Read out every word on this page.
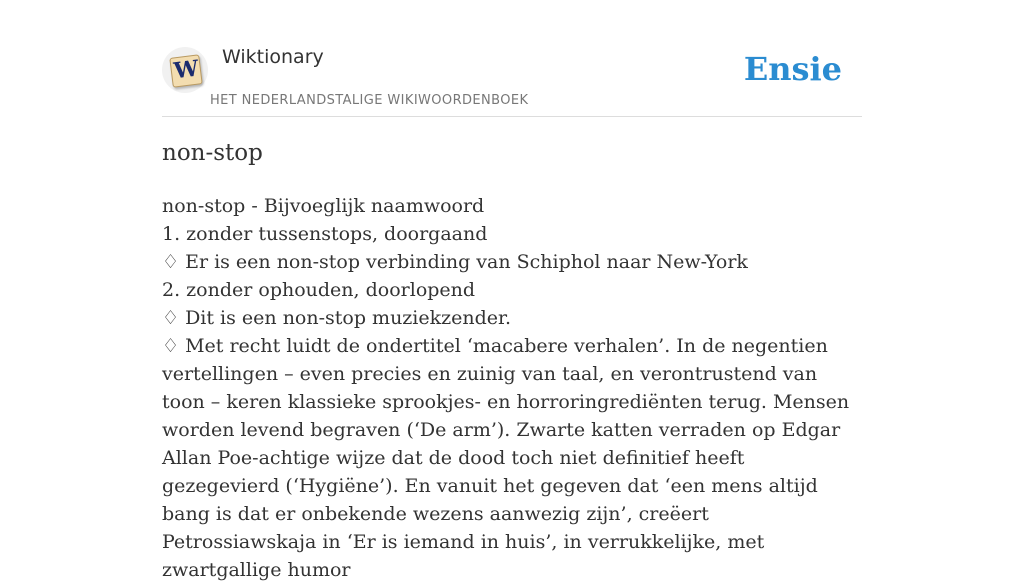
W Wiktionary
HET NEDERLANDSTALIGE WIKIWOORDENBOEK
Ensie
non-stop
non-stop - Bijvoeglijk naamwoord
1. zonder tussenstops, doorgaand
♢ Er is een non-stop verbinding van Schiphol naar New-York
2. zonder ophouden, doorlopend
♢ Dit is een non-stop muziekzender.
♢ Met recht luidt de ondertitel ‘macabere verhalen’. In de negentien vertellingen – even precies en zuinig van taal, en verontrustend van toon – keren klassieke sprookjes- en horroringrediënten terug. Mensen worden levend begraven (‘De arm’). Zwarte katten verraden op Edgar Allan Poe-achtige wijze dat de dood toch niet definitief heeft gezegevierd (‘Hygiëne’). En vanuit het gegeven dat ‘een mens altijd bang is dat er onbekende wezens aanwezig zijn’, creëert Petrossiawskaja in ‘Er is iemand in huis’, in verrukkelijke, met zwartgallige humor
